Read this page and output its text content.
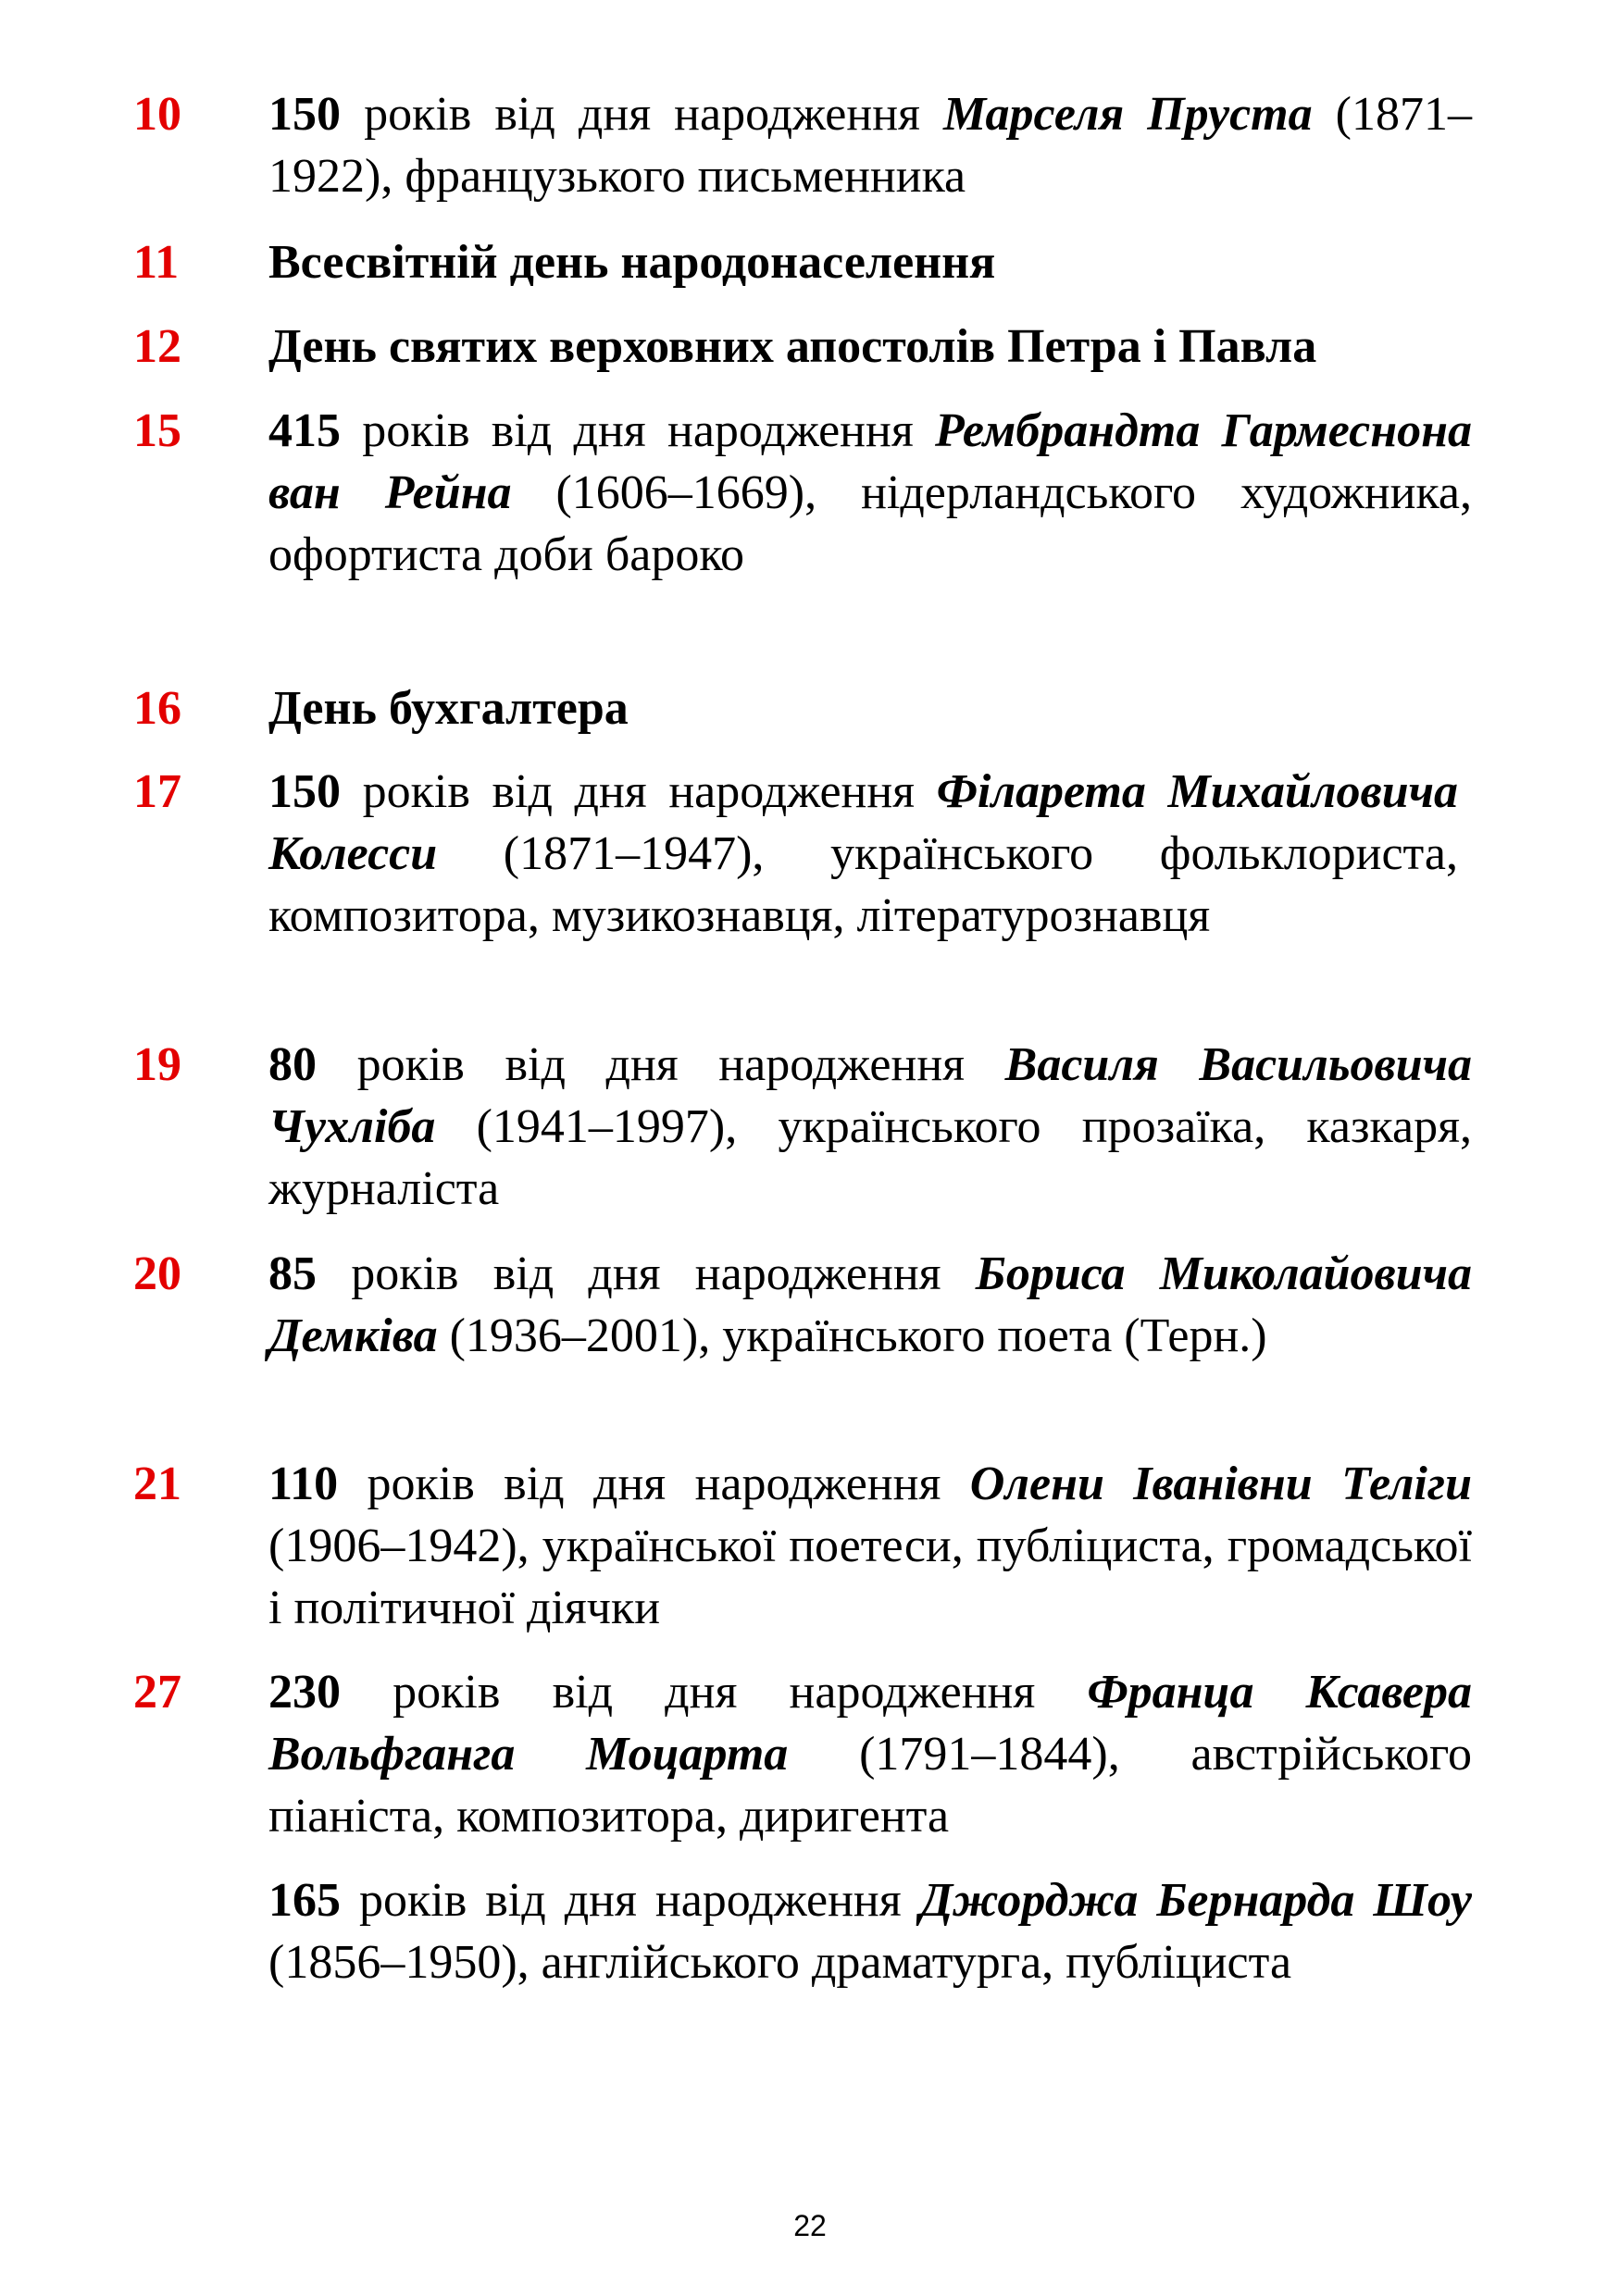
10	150 років від дня народження Марселя Пруста (1871–1922), французького письменника

11	Всесвітній день народонаселення

12	День святих верховних апостолів Петра і Павла

15	415 років від дня народження Рембрандта Гармеснона ван Рейна (1606–1669), нідерландського художника, офортиста доби бароко

16	День бухгалтера

17	150 років від дня народження Філарета Михайловича Колесси (1871–1947), українського фольклориста, композитора, музикознавця, літературознавця

19	80 років від дня народження Василя Васильовича Чухліба (1941–1997), українського прозаїка, казкаря, журналіста

20	85 років від дня народження Бориса Миколайовича Демківа (1936–2001), українського поета (Терн.)

21	110 років від дня народження Олени Іванівни Теліги (1906–1942), української поетеси, публіциста, громадської і політичної діячки

27	230 років від дня народження Франца Ксавера Вольфганга Моцарта (1791–1844), австрійського піаніста, композитора, диригента

165 років від дня народження Джорджа Бернарда Шоу (1856–1950), англійського драматурга, публіциста

22
